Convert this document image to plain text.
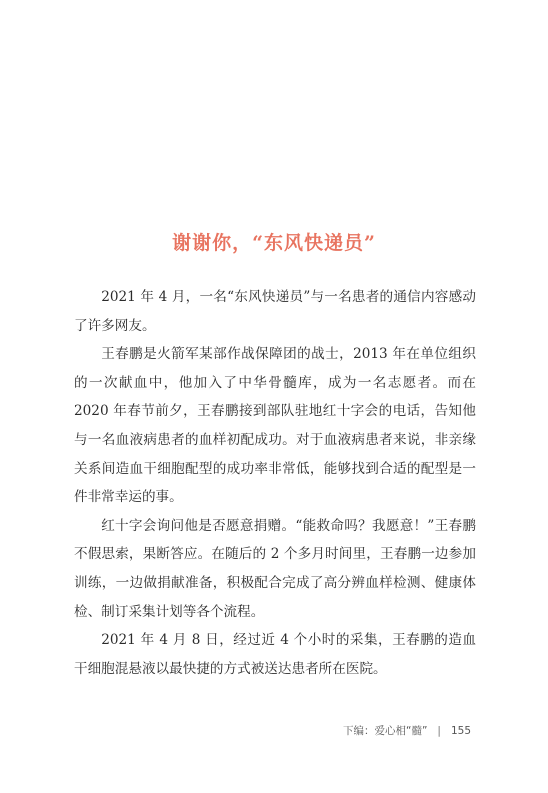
谢谢你，“东风快递员”

2021 年 4 月，一名“东风快递员”与一名患者的通信内容感动了许多网友。

王春鹏是火箭军某部作战保障团的战士，2013 年在单位组织的一次献血中，他加入了中华骨髓库，成为一名志愿者。而在 2020 年春节前夕，王春鹏接到部队驻地红十字会的电话，告知他与一名血液病患者的血样初配成功。对于血液病患者来说，非亲缘关系间造血干细胞配型的成功率非常低，能够找到合适的配型是一件非常幸运的事。

红十字会询问他是否愿意捐赠。“能救命吗？我愿意！”王春鹏不假思索，果断答应。在随后的 2 个多月时间里，王春鹏一边参加训练，一边做捐献准备，积极配合完成了高分辨血样检测、健康体检、制订采集计划等各个流程。

2021 年 4 月 8 日，经过近 4 个小时的采集，王春鹏的造血干细胞混悬液以最快捷的方式被送达患者所在医院。

下编：爱心相“髓” | 155
